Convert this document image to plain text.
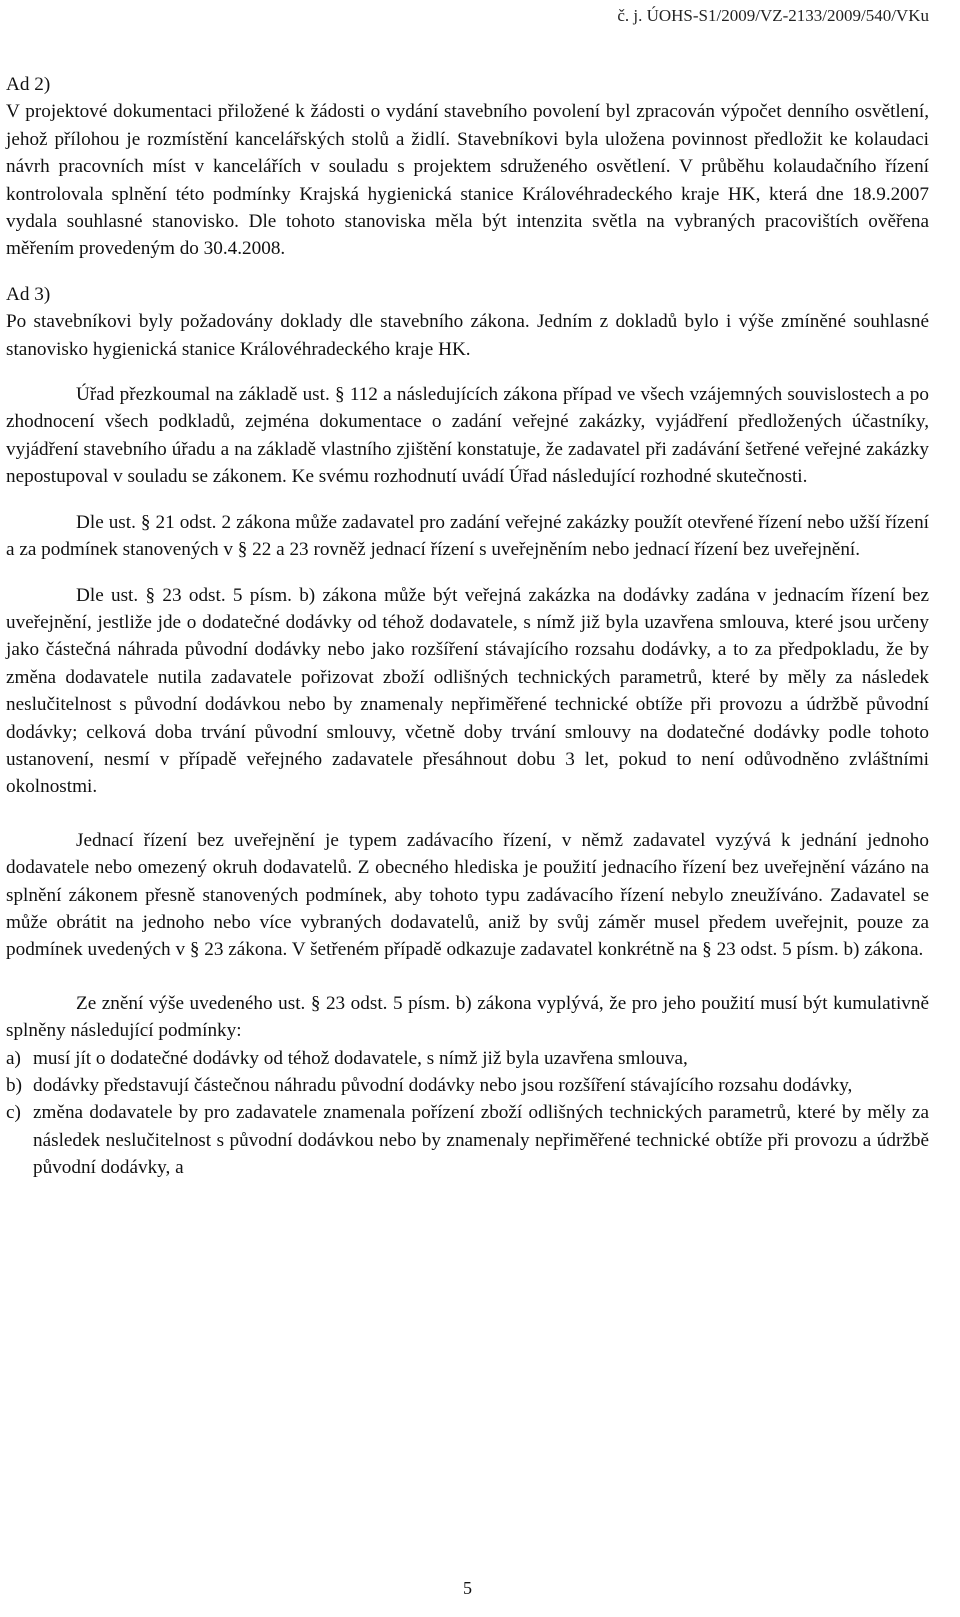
č. j. ÚOHS-S1/2009/VZ-2133/2009/540/VKu

Ad 2)

V projektové dokumentaci přiložené k žádosti o vydání stavebního povolení byl zpracován výpočet denního osvětlení, jehož přílohou je rozmístění kancelářských stolů a židlí. Stavebníkovi byla uložena povinnost předložit ke kolaudaci návrh pracovních míst v kancelářích v souladu s projektem sdruženého osvětlení. V průběhu kolaudačního řízení kontrolovala splnění této podmínky Krajská hygienická stanice Královéhradeckého kraje HK, která dne 18.9.2007 vydala souhlasné stanovisko. Dle tohoto stanoviska měla být intenzita světla na vybraných pracovištích ověřena měřením provedeným do 30.4.2008.

Ad 3)

Po stavebníkovi byly požadovány doklady dle stavebního zákona. Jedním z dokladů bylo i výše zmíněné souhlasné stanovisko hygienická stanice Královéhradeckého kraje HK.

Úřad přezkoumal na základě ust. § 112 a následujících zákona případ ve všech vzájemných souvislostech a po zhodnocení všech podkladů, zejména dokumentace o zadání veřejné zakázky, vyjádření předložených účastníky, vyjádření stavebního úřadu a na základě vlastního zjištění konstatuje, že zadavatel při zadávání šetřené veřejné zakázky nepostupoval v souladu se zákonem. Ke svému rozhodnutí uvádí Úřad následující rozhodné skutečnosti.

Dle ust. § 21 odst. 2 zákona může zadavatel pro zadání veřejné zakázky použít otevřené řízení nebo užší řízení a za podmínek stanovených v § 22 a 23 rovněž jednací řízení s uveřejněním nebo jednací řízení bez uveřejnění.

Dle ust. § 23 odst. 5 písm. b) zákona může být veřejná zakázka na dodávky zadána v jednacím řízení bez uveřejnění, jestliže jde o dodatečné dodávky od téhož dodavatele, s nímž již byla uzavřena smlouva, které jsou určeny jako částečná náhrada původní dodávky nebo jako rozšíření stávajícího rozsahu dodávky, a to za předpokladu, že by změna dodavatele nutila zadavatele pořizovat zboží odlišných technických parametrů, které by měly za následek neslučitelnost s původní dodávkou nebo by znamenaly nepřiměřené technické obtíže při provozu a údržbě původní dodávky; celková doba trvání původní smlouvy, včetně doby trvání smlouvy na dodatečné dodávky podle tohoto ustanovení, nesmí v případě veřejného zadavatele přesáhnout dobu 3 let, pokud to není odůvodněno zvláštními okolnostmi.

Jednací řízení bez uveřejnění je typem zadávacího řízení, v němž zadavatel vyzývá k jednání jednoho dodavatele nebo omezený okruh dodavatelů. Z obecného hlediska je použití jednacího řízení bez uveřejnění vázáno na splnění zákonem přesně stanovených podmínek, aby tohoto typu zadávacího řízení nebylo zneužíváno. Zadavatel se může obrátit na jednoho nebo více vybraných dodavatelů, aniž by svůj záměr musel předem uveřejnit, pouze za podmínek uvedených v § 23 zákona. V šetřeném případě odkazuje zadavatel konkrétně na § 23 odst. 5 písm. b) zákona.

Ze znění výše uvedeného ust. § 23 odst. 5 písm. b) zákona vyplývá, že pro jeho použití musí být kumulativně splněny následující podmínky:

a) musí jít o dodatečné dodávky od téhož dodavatele, s nímž již byla uzavřena smlouva,
b) dodávky představují částečnou náhradu původní dodávky nebo jsou rozšíření stávajícího rozsahu dodávky,
c) změna dodavatele by pro zadavatele znamenala pořízení zboží odlišných technických parametrů, které by měly za následek neslučitelnost s původní dodávkou nebo by znamenaly nepřiměřené technické obtíže při provozu a údržbě původní dodávky, a
5
